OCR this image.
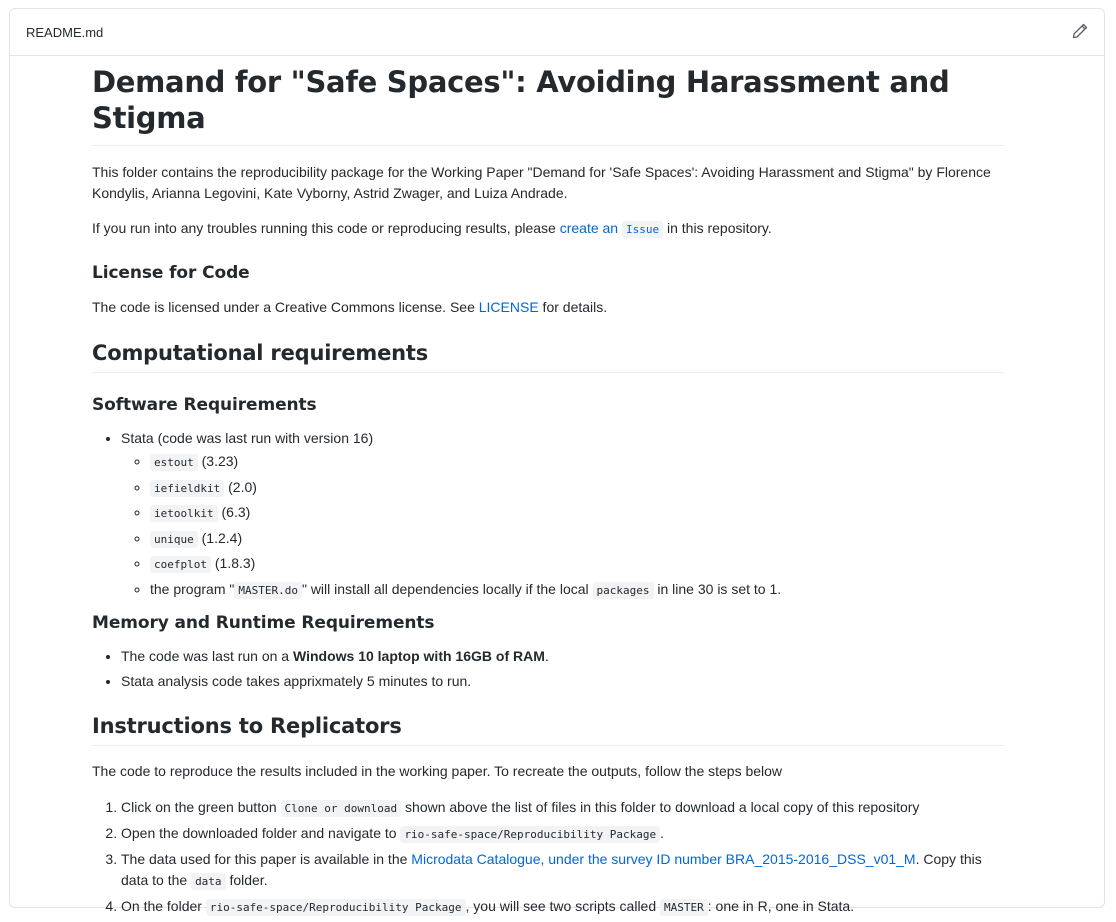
README.md
Demand for "Safe Spaces": Avoiding Harassment and Stigma

This folder contains the reproducibility package for the Working Paper "Demand for 'Safe Spaces': Avoiding Harassment and Stigma" by Florence Kondylis, Arianna Legovini, Kate Vyborny, Astrid Zwager, and Luiza Andrade.

If you run into any troubles running this code or reproducing results, please create an Issue in this repository.

License for Code

The code is licensed under a Creative Commons license. See LICENSE for details.

Computational requirements
Software Requirements
• Stata (code was last run with version 16)
◦ estout (3.23)
◦ iefieldkit (2.0)
◦ ietoolkit (6.3)
◦ unique (1.2.4)
◦ coefplot (1.8.3)
◦ the program " MASTER.do " will install all dependencies locally if the local packages in line 30 is set to 1.
Memory and Runtime Requirements
• The code was last run on a Windows 10 laptop with 16GB of RAM.
• Stata analysis code takes apprixmately 5 minutes to run.
Instructions to Replicators

The code to reproduce the results included in the working paper. To recreate the outputs, follow the steps below

1. Click on the green button Clone or download shown above the list of files in this folder to download a local copy of this repository
2. Open the downloaded folder and navigate to rio-safe-space/Reproducibility Package .
3. The data used for this paper is available in the Microdata Catalogue, under the survey ID number BRA_2015-2016_DSS_v01_M. Copy this data to the data folder.
4. On the folder rio-safe-space/Reproducibility Package , you will see two scripts called MASTER : one in R, one in Stata.
